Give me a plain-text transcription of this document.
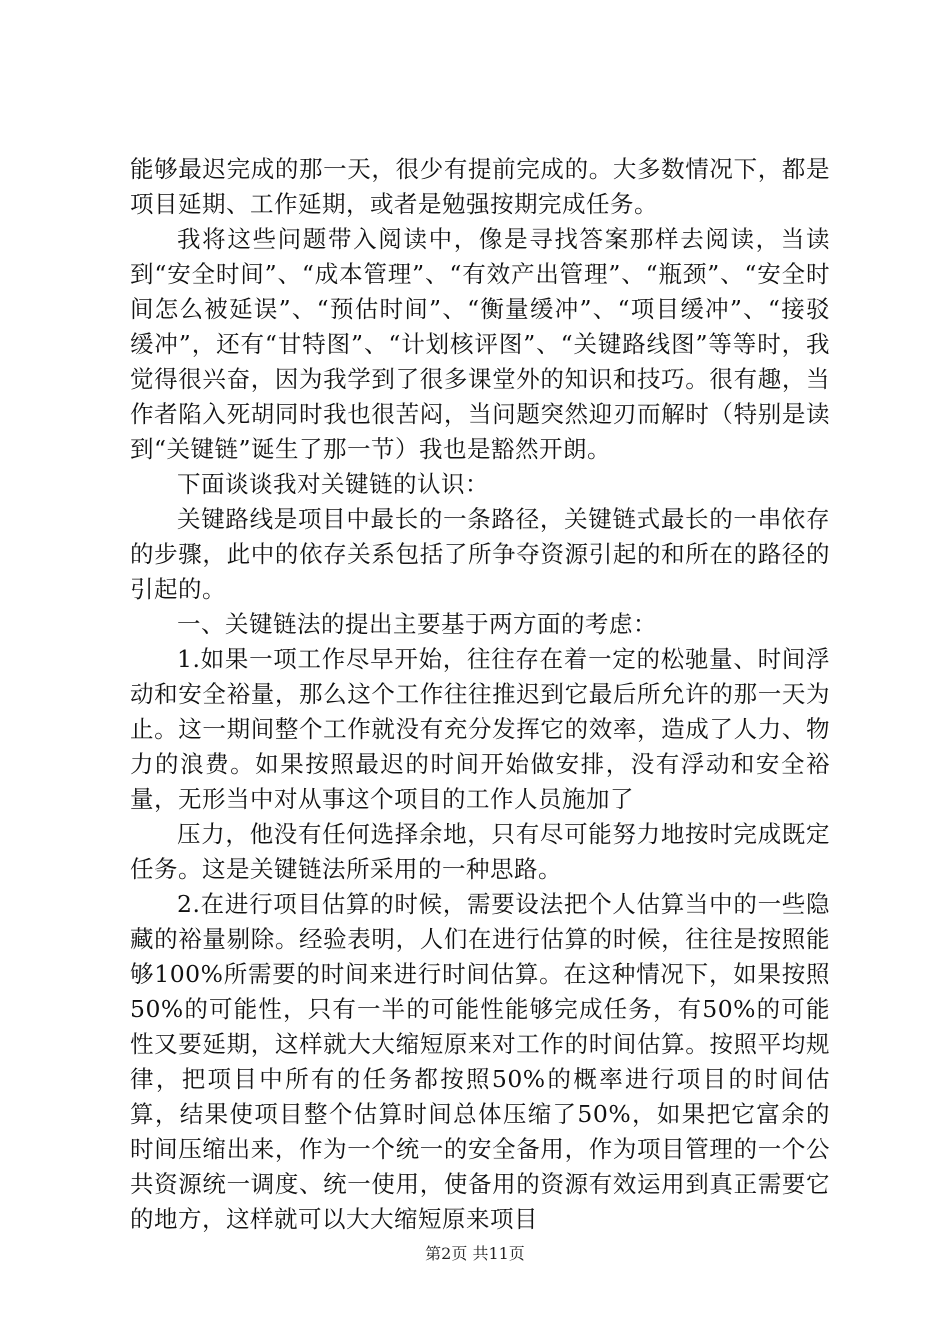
能够最迟完成的那一天，很少有提前完成的。大多数情况下，都是项目延期、工作延期，或者是勉强按期完成任务。

我将这些问题带入阅读中，像是寻找答案那样去阅读，当读到“安全时间”、“成本管理”、“有效产出管理”、“瓶颈”、“安全时间怎么被延误”、“预估时间”、“衡量缓冲”、“项目缓冲”、“接驳缓冲”，还有“甘特图”、“计划核评图”、“关键路线图”等等时，我觉得很兴奋，因为我学到了很多课堂外的知识和技巧。很有趣，当作者陷入死胡同时我也很苦闷，当问题突然迎刃而解时（特别是读到“关键链”诞生了那一节）我也是豁然开朗。

下面谈谈我对关键链的认识：

关键路线是项目中最长的一条路径，关键链式最长的一串依存的步骤，此中的依存关系包括了所争夺资源引起的和所在的路径的引起的。

一、关键链法的提出主要基于两方面的考虑：

1.如果一项工作尽早开始，往往存在着一定的松驰量、时间浮动和安全裕量，那么这个工作往往推迟到它最后所允许的那一天为止。这一期间整个工作就没有充分发挥它的效率，造成了人力、物力的浪费。如果按照最迟的时间开始做安排，没有浮动和安全裕量，无形当中对从事这个项目的工作人员施加了

压力，他没有任何选择余地，只有尽可能努力地按时完成既定任务。这是关键链法所采用的一种思路。

2.在进行项目估算的时候，需要设法把个人估算当中的一些隐藏的裕量剔除。经验表明，人们在进行估算的时候，往往是按照能够100%所需要的时间来进行时间估算。在这种情况下，如果按照50%的可能性，只有一半的可能性能够完成任务，有50%的可能性又要延期，这样就大大缩短原来对工作的时间估算。按照平均规律，把项目中所有的任务都按照50%的概率进行项目的时间估算，结果使项目整个估算时间总体压缩了50%，如果把它富余的时间压缩出来，作为一个统一的安全备用，作为项目管理的一个公共资源统一调度、统一使用，使备用的资源有效运用到真正需要它的地方，这样就可以大大缩短原来项目

第2页 共11页
